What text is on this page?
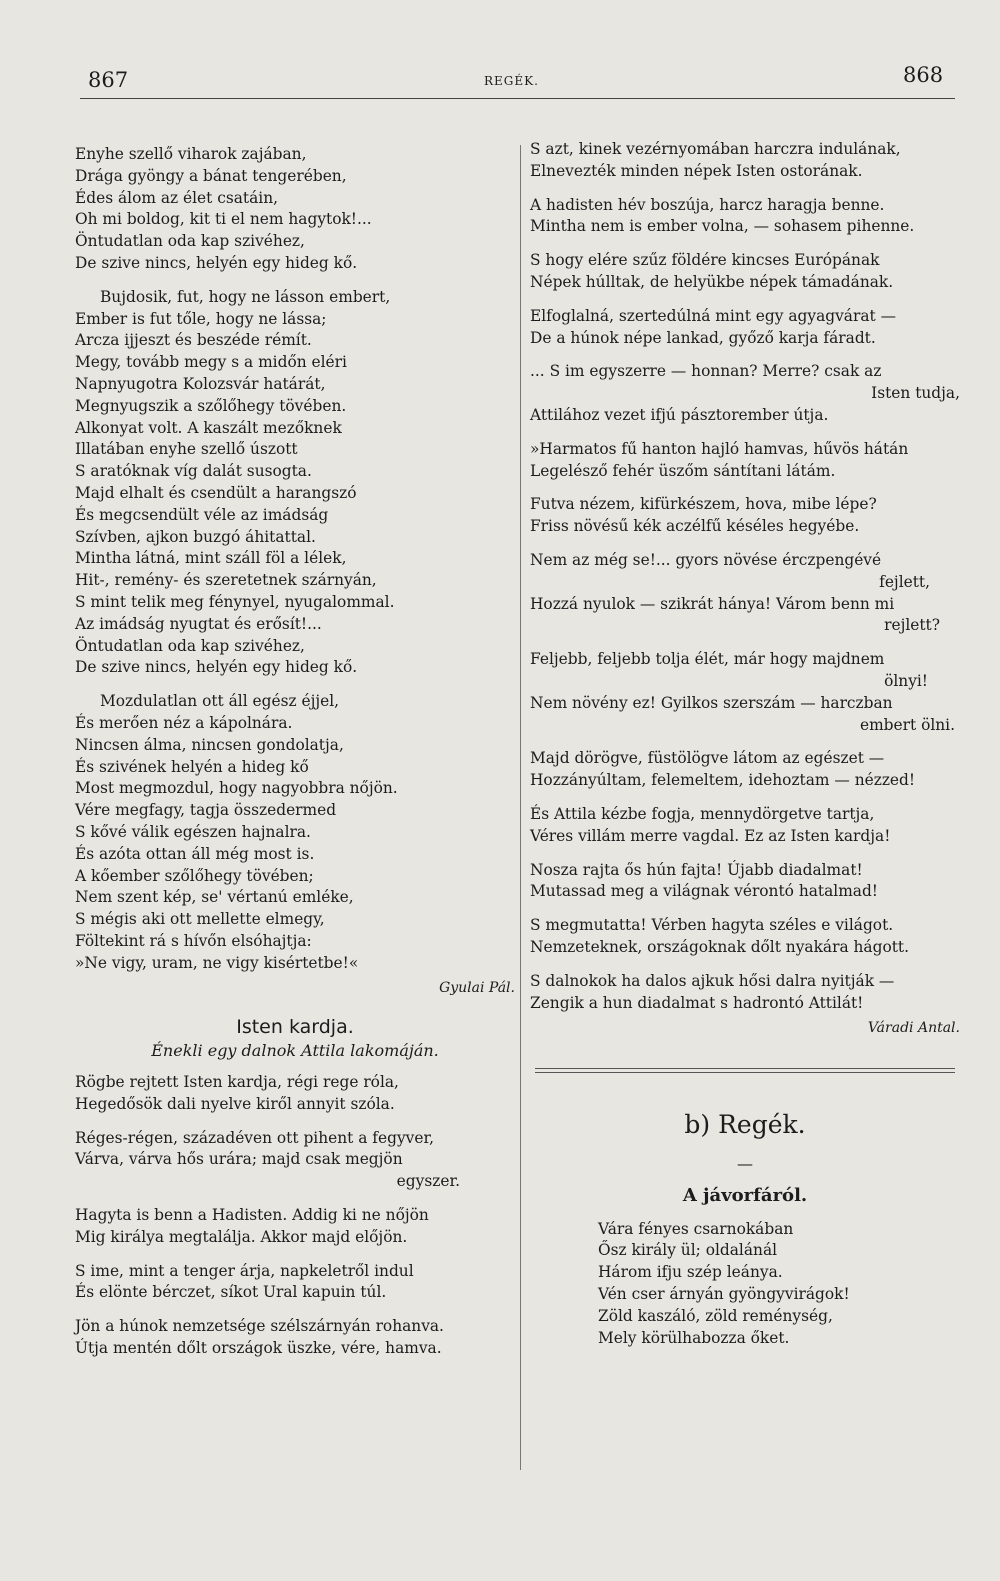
867	REGÉK.	868
Enyhe szellő viharok zajában,
Drága gyöngy a bánat tengerében,
Édes álom az élet csatáin,
Oh mi boldog, kit ti el nem hagytok!...
Öntudatlan oda kap szivéhez,
De szive nincs, helyén egy hideg kő.
Bujdosik, fut, hogy ne lásson embert,
Ember is fut tőle, hogy ne lássa;
Arcza ijjeszt és beszéde rémít.
Megy, tovább megy s a midőn eléri
Napnyugotra Kolozsvár határát,
Megnyugszik a szőlőhegy tövében.
Alkonyat volt. A kaszált mezőknek
Illatában enyhe szellő úszott
S aratóknak víg dalát susogta.
Majd elhalt és csendült a harangszó
És megcsendült véle az imádság
Szívben, ajkon buzgó áhitattal.
Mintha látná, mint száll föl a lélek,
Hit-, remény- és szeretetnek szárnyán,
S mint telik meg fénynyel, nyugalommal.
Az imádság nyugtat és erősít!...
Öntudatlan oda kap szivéhez,
De szive nincs, helyén egy hideg kő.
Mozdulatlan ott áll egész éjjel,
És merően néz a kápolnára.
Nincsen álma, nincsen gondolatja,
És szivének helyén a hideg kő
Most megmozdul, hogy nagyobbra nőjön.
Vére megfagy, tagja összedermed
S kővé válik egészen hajnalra.
És azóta ottan áll még most is.
A kőember szőlőhegy tövében;
Nem szent kép, se' vértanú emléke,
S mégis aki ott mellette elmegy,
Föltekint rá s hívőn elsóhajtja:
»Ne vigy, uram, ne vigy kisértetbe!«
Gyulai Pál.
Isten kardja.
Énekli egy dalnok Attila lakomáján.
Rögbe rejtett Isten kardja, régi rege róla,
Hegedősök dali nyelve kiről annyit szóla.
Réges-régen, századéven ott pihent a fegyver,
Várva, várva hős urára; majd csak megjön
egyszer.
Hagyta is benn a Hadisten. Addig ki ne nőjön
Mig királya megtalálja. Akkor majd előjön.
S ime, mint a tenger árja, napkeletről indul
És elönte bérczet, síkot Ural kapuin túl.
Jön a húnok nemzetsége szélszárnyán rohanva.
Útja mentén dőlt országok üszke, vére, hamva.
S azt, kinek vezérnyomában harczra indulának,
Elnevezték minden népek Isten ostorának.
A hadisten hév boszúja, harcz haragja benne.
Mintha nem is ember volna, — sohasem pihenne.
S hogy elére szűz földére kincses Európának
Népek húlltak, de helyükbe népek támadának.
Elfoglalná, szertedúlná mint egy agyagvárat —
De a húnok népe lankad, győző karja fáradt.
... S im egyszerre — honnan? Merre? csak az
Isten tudja,
Attilához vezet ifjú pásztorember útja.
»Harmatos fű hanton hajló hamvas, hűvös hátán
Legelésző fehér üszőm sántítani látám.
Futva nézem, kifürkészem, hova, mibe lépe?
Friss növésű kék aczélfű késéles hegyébe.
Nem az még se!... gyors növése érczpengévé
fejlett,
Hozzá nyulok — szikrát hánya! Várom benn mi
rejlett?
Feljebb, feljebb tolja élét, már hogy majdnem
ölnyi!
Nem növény ez! Gyilkos szerszám — harczban
embert ölni.
Majd dörögve, füstölögve látom az egészet —
Hozzányúltam, felemeltem, idehoztam — nézzed!
És Attila kézbe fogja, mennydörgetve tartja,
Véres villám merre vagdal. Ez az Isten kardja!
Nosza rajta ős hún fajta! Újabb diadalmat!
Mutassad meg a világnak vérontó hatalmad!
S megmutatta! Vérben hagyta széles e világot.
Nemzeteknek, országoknak dőlt nyakára hágott.
S dalnokok ha dalos ajkuk hősi dalra nyitják —
Zengik a hun diadalmat s hadrontó Attilát!
Váradi Antal.
b) Regék.
—
A jávorfáról.
Vára fényes csarnokában
Ősz király ül; oldalánál
Három ifju szép leánya.
Vén cser árnyán gyöngyvirágok!
Zöld kaszáló, zöld reménység,
Mely körülhabozza őket.
